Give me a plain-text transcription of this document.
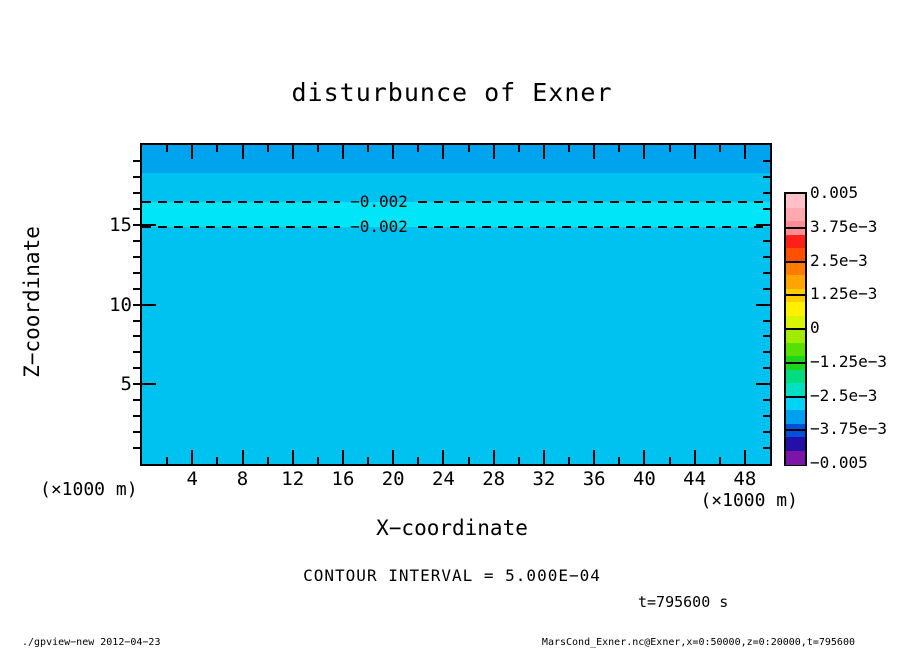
disturbunce of Exner
Z−coordinate
−0.002
−0.002
4	8	12	16	20	24	28	32	36	40	44	48
5
10
15
(×1000 m)
(×1000 m)
X−coordinate
CONTOUR INTERVAL = 5.000E−04
t=795600 s
0.005
3.75e−3
2.5e−3
1.25e−3
0
−1.25e−3
−2.5e−3
−3.75e−3
−0.005
./gpview−new 2012−04−23	MarsCond_Exner.nc@Exner,x=0:50000,z=0:20000,t=795600
